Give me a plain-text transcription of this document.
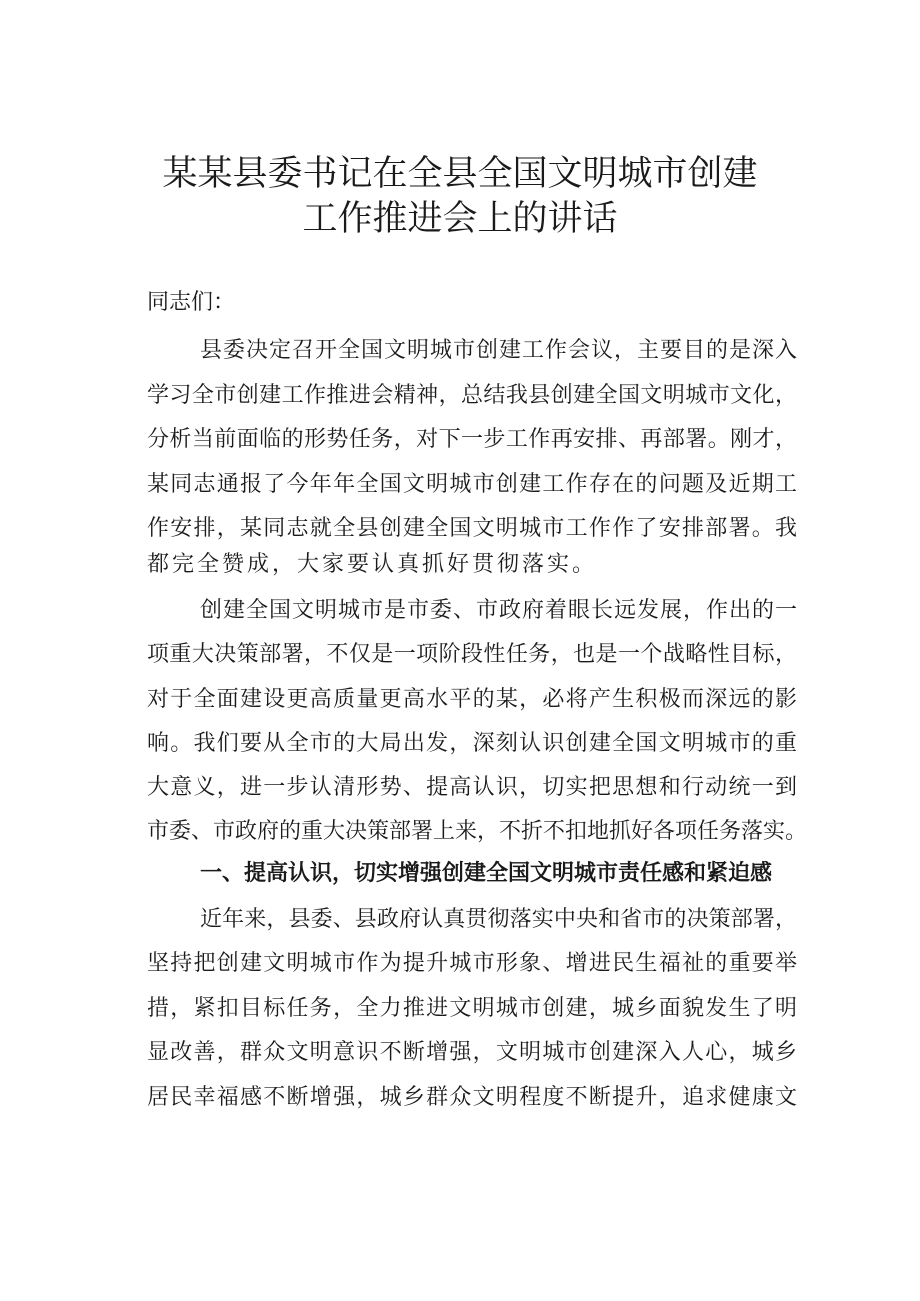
某某县委书记在全县全国文明城市创建
工作推进会上的讲话
同志们：
县委决定召开全国文明城市创建工作会议，主要目的是深入
学习全市创建工作推进会精神，总结我县创建全国文明城市文化，
分析当前面临的形势任务，对下一步工作再安排、再部署。刚才，
某同志通报了今年年全国文明城市创建工作存在的问题及近期工
作安排，某同志就全县创建全国文明城市工作作了安排部署。我
都完全赞成，大家要认真抓好贯彻落实。
创建全国文明城市是市委、市政府着眼长远发展，作出的一
项重大决策部署，不仅是一项阶段性任务，也是一个战略性目标，
对于全面建设更高质量更高水平的某，必将产生积极而深远的影
响。我们要从全市的大局出发，深刻认识创建全国文明城市的重
大意义，进一步认清形势、提高认识，切实把思想和行动统一到
市委、市政府的重大决策部署上来，不折不扣地抓好各项任务落实。
一、提高认识，切实增强创建全国文明城市责任感和紧迫感
近年来，县委、县政府认真贯彻落实中央和省市的决策部署，
坚持把创建文明城市作为提升城市形象、增进民生福祉的重要举
措，紧扣目标任务，全力推进文明城市创建，城乡面貌发生了明
显改善，群众文明意识不断增强，文明城市创建深入人心，城乡
居民幸福感不断增强，城乡群众文明程度不断提升，追求健康文
